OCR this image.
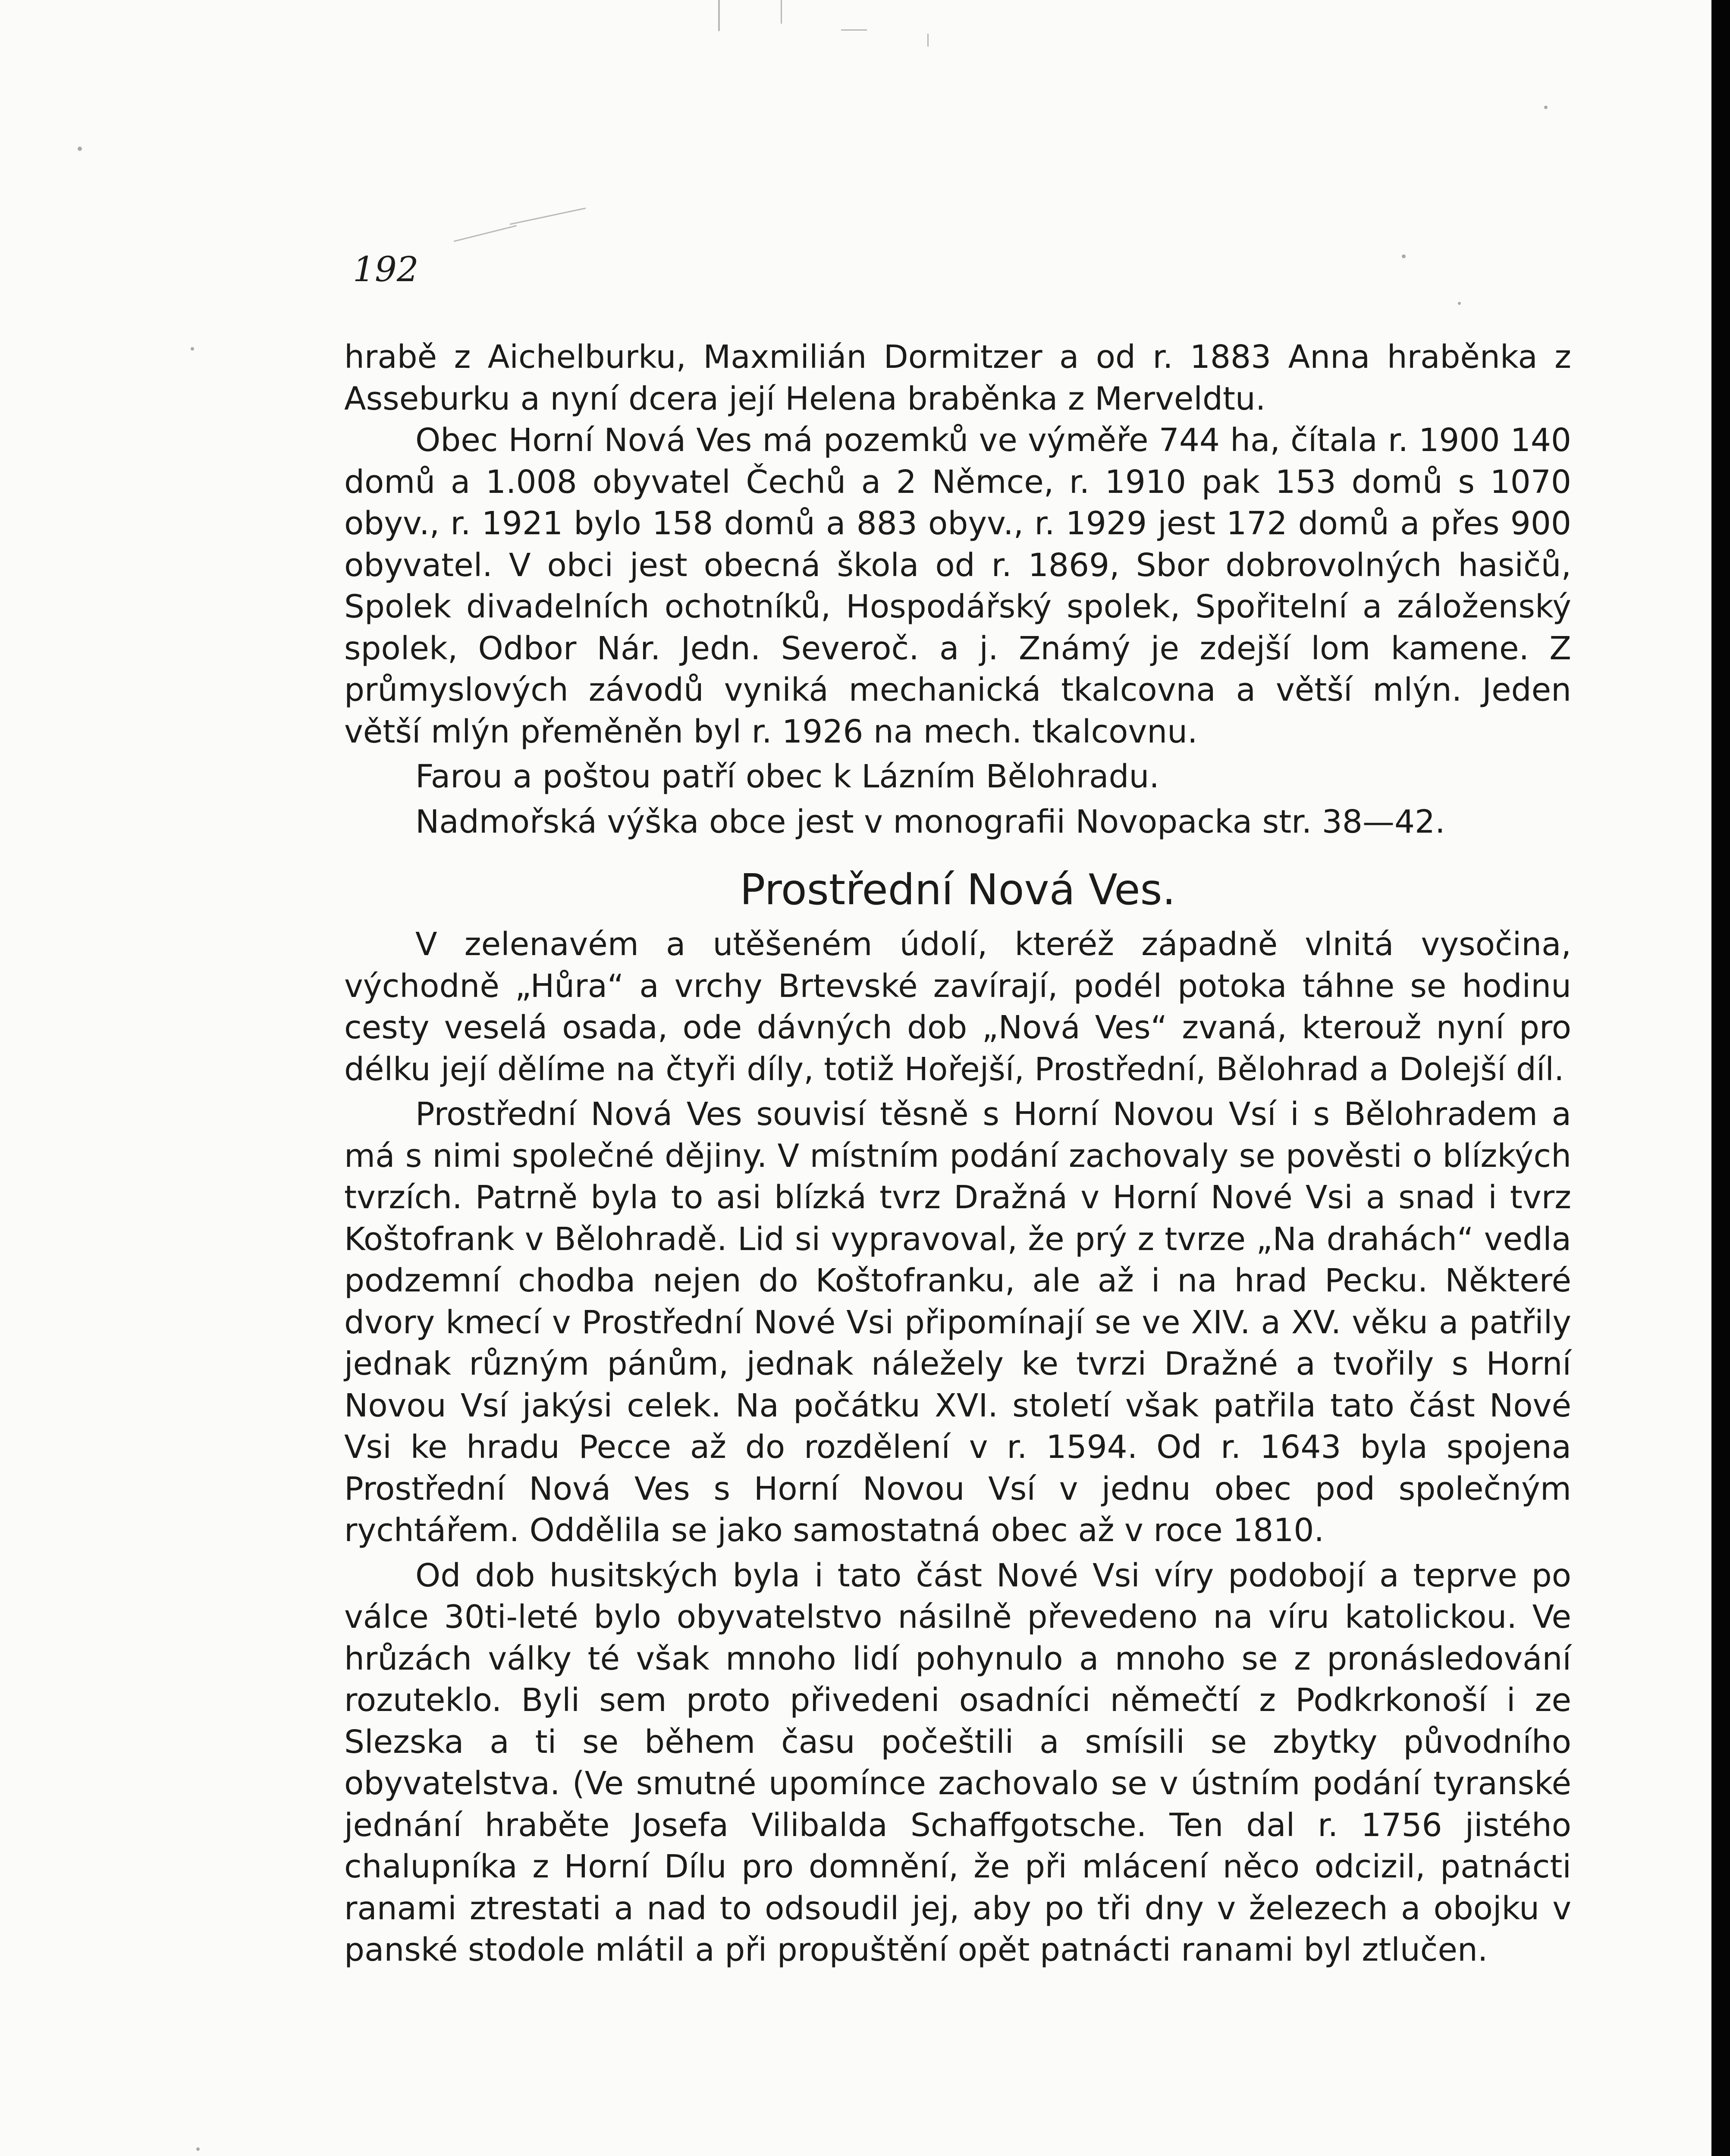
192

hrabě z Aichelburku, Maxmilián Dormitzer a od r. 1883 Anna hraběnka z Asseburku a nyní dcera její Helena braběnka z Merveldtu.

Obec Horní Nová Ves má pozemků ve výměře 744 ha, čítala r. 1900 140 domů a 1.008 obyvatel Čechů a 2 Němce, r. 1910 pak 153 domů s 1070 obyv., r. 1921 bylo 158 domů a 883 obyv., r. 1929 jest 172 domů a přes 900 obyvatel. V obci jest obecná škola od r. 1869, Sbor dobrovolných hasičů, Spolek divadelních ochotníků, Hospodářský spolek, Spořitelní a záloženský spolek, Odbor Nár. Jedn. Severoč. a j. Známý je zdejší lom kamene. Z průmyslových závodů vyniká mechanická tkalcovna a větší mlýn. Jeden větší mlýn přeměněn byl r. 1926 na mech. tkalcovnu.

Farou a poštou patří obec k Lázním Bělohradu.

Nadmořská výška obce jest v monografii Novopacka str. 38—42.

Prostřední Nová Ves.

V zelenavém a utěšeném údolí, kteréž západně vlnitá vysočina, východně „Hůra“ a vrchy Brtevské zavírají, podél potoka táhne se hodinu cesty veselá osada, ode dávných dob „Nová Ves“ zvaná, kterouž nyní pro délku její dělíme na čtyři díly, totiž Hořejší, Prostřední, Bělohrad a Dolejší díl.

Prostřední Nová Ves souvisí těsně s Horní Novou Vsí i s Bělohradem a má s nimi společné dějiny. V místním podání zachovaly se pověsti o blízkých tvrzích. Patrně byla to asi blízká tvrz Dražná v Horní Nové Vsi a snad i tvrz Koštofrank v Bělohradě. Lid si vypravoval, že prý z tvrze „Na drahách“ vedla podzemní chodba nejen do Koštofranku, ale až i na hrad Pecku. Některé dvory kmecí v Prostřední Nové Vsi připomínají se ve XIV. a XV. věku a patřily jednak různým pánům, jednak náležely ke tvrzi Dražné a tvořily s Horní Novou Vsí jakýsi celek. Na počátku XVI. století však patřila tato část Nové Vsi ke hradu Pecce až do rozdělení v r. 1594. Od r. 1643 byla spojena Prostřední Nová Ves s Horní Novou Vsí v jednu obec pod společným rychtářem. Oddělila se jako samostatná obec až v roce 1810.

Od dob husitských byla i tato část Nové Vsi víry podobojí a teprve po válce 30ti-leté bylo obyvatelstvo násilně převedeno na víru katolickou. Ve hrůzách války té však mnoho lidí pohynulo a mnoho se z pronásledování rozuteklo. Byli sem proto přivedeni osadníci němečtí z Podkrkonoší i ze Slezska a ti se během času počeštili a smísili se zbytky původního obyvatelstva. (Ve smutné upomínce zachovalo se v ústním podání tyranské jednání hraběte Josefa Vilibalda Schaffgotsche. Ten dal r. 1756 jistého chalupníka z Horní Dílu pro domnění, že při mlácení něco odcizil, patnácti ranami ztrestati a nad to odsoudil jej, aby po tři dny v železech a obojku v panské stodole mlátil a při propuštění opět patnácti ranami byl ztlučen.
